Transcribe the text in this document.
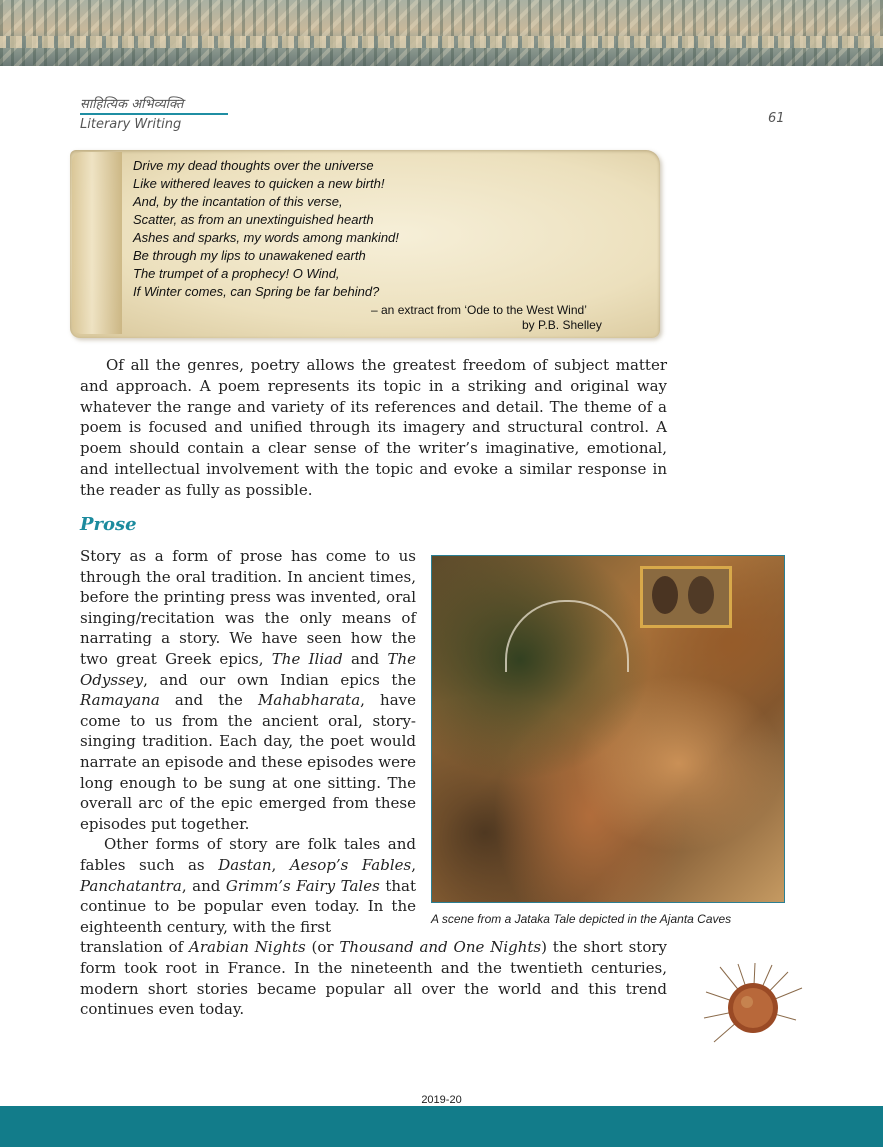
साहित्यिक अभिव्यक्ति
Literary Writing	61
Drive my dead thoughts over the universe
Like withered leaves to quicken a new birth!
And, by the incantation of this verse,
Scatter, as from an unextinguished hearth
Ashes and sparks, my words among mankind!
Be through my lips to unawakened earth
The trumpet of a prophecy! O Wind,
If Winter comes, can Spring be far behind?
– an extract from ‘Ode to the West Wind’
by P.B. Shelley

Of all the genres, poetry allows the greatest freedom of subject matter and approach. A poem represents its topic in a striking and original way whatever the range and variety of its references and detail. The theme of a poem is focused and unified through its imagery and structural control. A poem should contain a clear sense of the writer’s imaginative, emotional, and intellectual involvement with the topic and evoke a similar response in the reader as fully as possible.

Prose

Story as a form of prose has come to us through the oral tradition. In ancient times, before the printing press was invented, oral singing/recitation was the only means of narrating a story. We have seen how the two great Greek epics, The Iliad and The Odyssey, and our own Indian epics the Ramayana and the Mahabharata, have come to us from the ancient oral, story-singing tradition. Each day, the poet would narrate an episode and these episodes were long enough to be sung at one sitting. The overall arc of the epic emerged from these episodes put together.

Other forms of story are folk tales and fables such as Dastan, Aesop’s Fables, Panchatantra, and Grimm’s Fairy Tales that continue to be popular even today. In the eighteenth century, with the first

translation of Arabian Nights (or Thousand and One Nights) the short story form took root in France. In the nineteenth and the twentieth centuries, modern short stories became popular all over the world and this trend continues even today.

A scene from a Jataka Tale depicted in the Ajanta Caves
2019-20
